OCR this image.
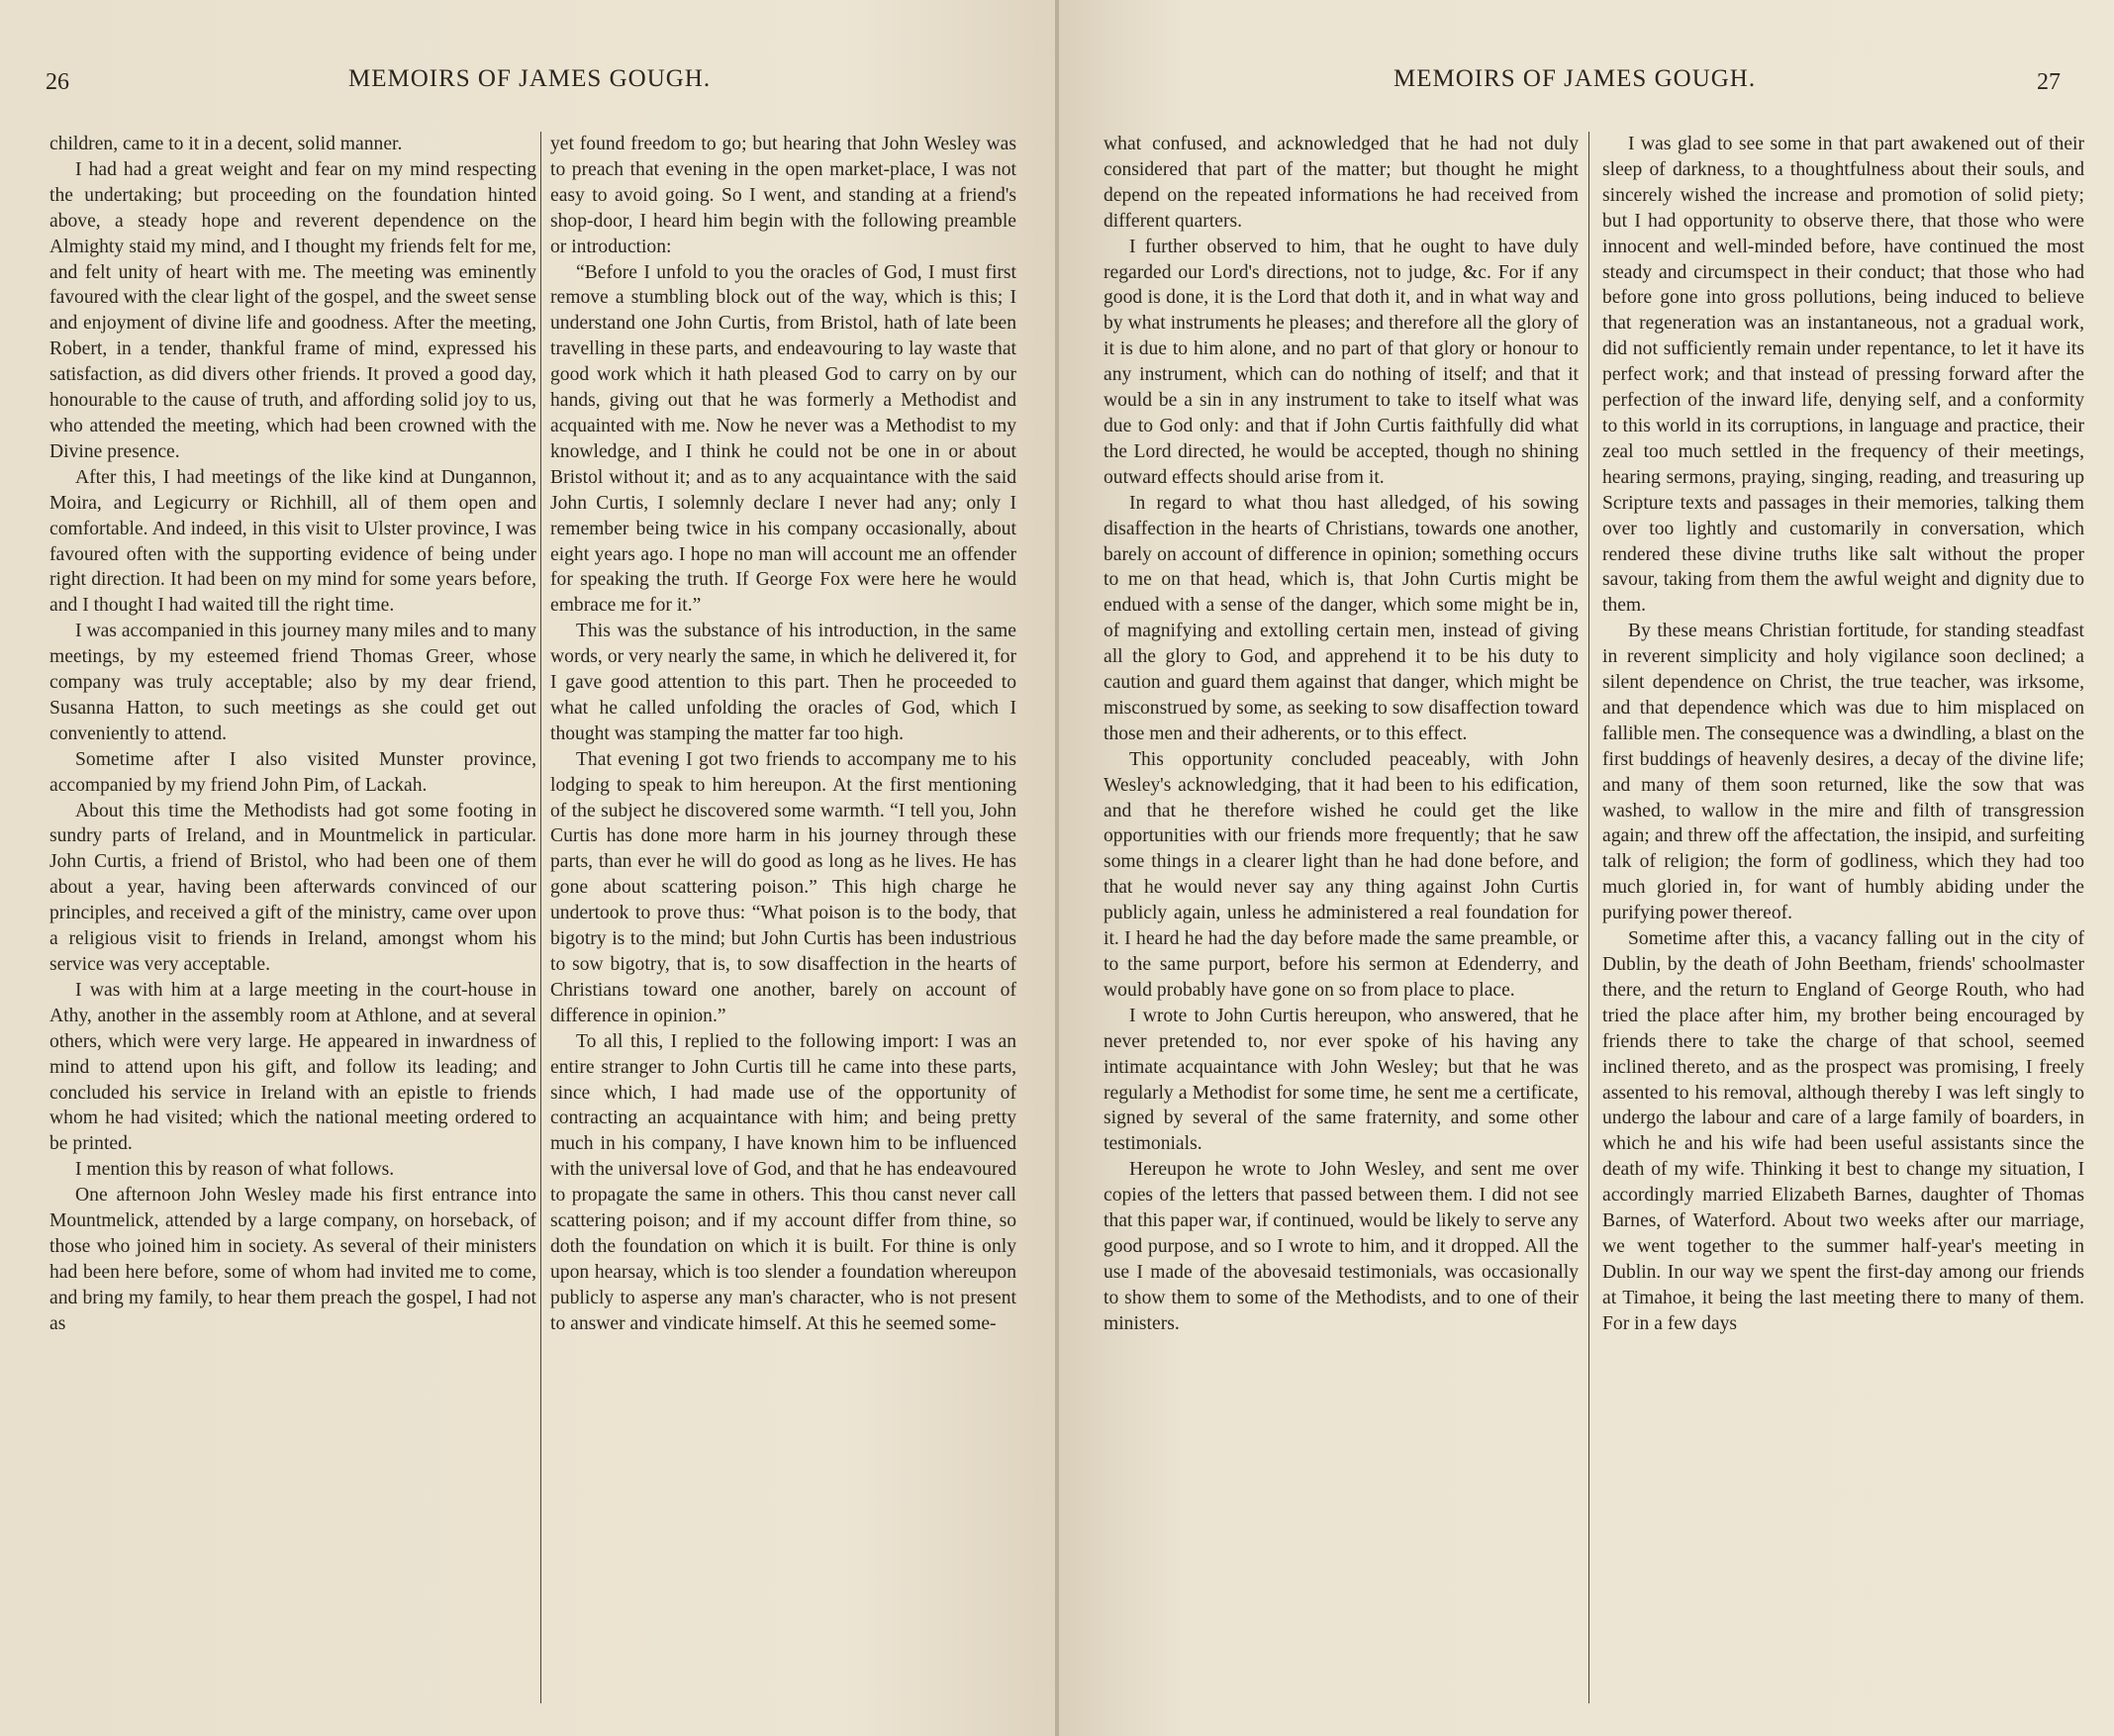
26	MEMOIRS OF JAMES GOUGH.

children, came to it in a decent, solid manner.

I had had a great weight and fear on my mind respecting the undertaking; but proceeding on the foundation hinted above, a steady hope and reverent dependence on the Almighty staid my mind, and I thought my friends felt for me, and felt unity of heart with me. The meeting was eminently favoured with the clear light of the gospel, and the sweet sense and enjoyment of divine life and goodness. After the meeting, Robert, in a tender, thankful frame of mind, expressed his satisfaction, as did divers other friends. It proved a good day, honourable to the cause of truth, and affording solid joy to us, who attended the meeting, which had been crowned with the Divine presence.

After this, I had meetings of the like kind at Dungannon, Moira, and Legicurry or Richhill, all of them open and comfortable. And indeed, in this visit to Ulster province, I was favoured often with the supporting evidence of being under right direction. It had been on my mind for some years before, and I thought I had waited till the right time.

I was accompanied in this journey many miles and to many meetings, by my esteemed friend Thomas Greer, whose company was truly acceptable; also by my dear friend, Susanna Hatton, to such meetings as she could get out conveniently to attend.

Sometime after I also visited Munster province, accompanied by my friend John Pim, of Lackah.

About this time the Methodists had got some footing in sundry parts of Ireland, and in Mountmelick in particular. John Curtis, a friend of Bristol, who had been one of them about a year, having been afterwards convinced of our principles, and received a gift of the ministry, came over upon a religious visit to friends in Ireland, amongst whom his service was very acceptable.

I was with him at a large meeting in the court-house in Athy, another in the assembly room at Athlone, and at several others, which were very large. He appeared in inwardness of mind to attend upon his gift, and follow its leading; and concluded his service in Ireland with an epistle to friends whom he had visited; which the national meeting ordered to be printed.

I mention this by reason of what follows.

One afternoon John Wesley made his first entrance into Mountmelick, attended by a large company, on horseback, of those who joined him in society. As several of their ministers had been here before, some of whom had invited me to come, and bring my family, to hear them preach the gospel, I had not as

yet found freedom to go; but hearing that John Wesley was to preach that evening in the open market-place, I was not easy to avoid going. So I went, and standing at a friend's shop-door, I heard him begin with the following preamble or introduction:

“Before I unfold to you the oracles of God, I must first remove a stumbling block out of the way, which is this; I understand one John Curtis, from Bristol, hath of late been travelling in these parts, and endeavouring to lay waste that good work which it hath pleased God to carry on by our hands, giving out that he was formerly a Methodist and acquainted with me. Now he never was a Methodist to my knowledge, and I think he could not be one in or about Bristol without it; and as to any acquaintance with the said John Curtis, I solemnly declare I never had any; only I remember being twice in his company occasionally, about eight years ago. I hope no man will account me an offender for speaking the truth. If George Fox were here he would embrace me for it.”

This was the substance of his introduction, in the same words, or very nearly the same, in which he delivered it, for I gave good attention to this part. Then he proceeded to what he called unfolding the oracles of God, which I thought was stamping the matter far too high.

That evening I got two friends to accompany me to his lodging to speak to him hereupon. At the first mentioning of the subject he discovered some warmth. “I tell you, John Curtis has done more harm in his journey through these parts, than ever he will do good as long as he lives. He has gone about scattering poison.” This high charge he undertook to prove thus: “What poison is to the body, that bigotry is to the mind; but John Curtis has been industrious to sow bigotry, that is, to sow disaffection in the hearts of Christians toward one another, barely on account of difference in opinion.”

To all this, I replied to the following import: I was an entire stranger to John Curtis till he came into these parts, since which, I had made use of the opportunity of contracting an acquaintance with him; and being pretty much in his company, I have known him to be influenced with the universal love of God, and that he has endeavoured to propagate the same in others. This thou canst never call scattering poison; and if my account differ from thine, so doth the foundation on which it is built. For thine is only upon hearsay, which is too slender a foundation whereupon publicly to asperse any man's character, who is not present to answer and vindicate himself. At this he seemed some-

MEMOIRS OF JAMES GOUGH.	27

what confused, and acknowledged that he had not duly considered that part of the matter; but thought he might depend on the repeated informations he had received from different quarters.

I further observed to him, that he ought to have duly regarded our Lord's directions, not to judge, &c. For if any good is done, it is the Lord that doth it, and in what way and by what instruments he pleases; and therefore all the glory of it is due to him alone, and no part of that glory or honour to any instrument, which can do nothing of itself; and that it would be a sin in any instrument to take to itself what was due to God only: and that if John Curtis faithfully did what the Lord directed, he would be accepted, though no shining outward effects should arise from it.

In regard to what thou hast alledged, of his sowing disaffection in the hearts of Christians, towards one another, barely on account of difference in opinion; something occurs to me on that head, which is, that John Curtis might be endued with a sense of the danger, which some might be in, of magnifying and extolling certain men, instead of giving all the glory to God, and apprehend it to be his duty to caution and guard them against that danger, which might be misconstrued by some, as seeking to sow disaffection toward those men and their adherents, or to this effect.

This opportunity concluded peaceably, with John Wesley's acknowledging, that it had been to his edification, and that he therefore wished he could get the like opportunities with our friends more frequently; that he saw some things in a clearer light than he had done before, and that he would never say any thing against John Curtis publicly again, unless he administered a real foundation for it. I heard he had the day before made the same preamble, or to the same purport, before his sermon at Edenderry, and would probably have gone on so from place to place.

I wrote to John Curtis hereupon, who answered, that he never pretended to, nor ever spoke of his having any intimate acquaintance with John Wesley; but that he was regularly a Methodist for some time, he sent me a certificate, signed by several of the same fraternity, and some other testimonials.

Hereupon he wrote to John Wesley, and sent me over copies of the letters that passed between them. I did not see that this paper war, if continued, would be likely to serve any good purpose, and so I wrote to him, and it dropped. All the use I made of the abovesaid testimonials, was occasionally to show them to some of the Methodists, and to one of their ministers.

I was glad to see some in that part awakened out of their sleep of darkness, to a thoughtfulness about their souls, and sincerely wished the increase and promotion of solid piety; but I had opportunity to observe there, that those who were innocent and well-minded before, have continued the most steady and circumspect in their conduct; that those who had before gone into gross pollutions, being induced to believe that regeneration was an instantaneous, not a gradual work, did not sufficiently remain under repentance, to let it have its perfect work; and that instead of pressing forward after the perfection of the inward life, denying self, and a conformity to this world in its corruptions, in language and practice, their zeal too much settled in the frequency of their meetings, hearing sermons, praying, singing, reading, and treasuring up Scripture texts and passages in their memories, talking them over too lightly and customarily in conversation, which rendered these divine truths like salt without the proper savour, taking from them the awful weight and dignity due to them.

By these means Christian fortitude, for standing steadfast in reverent simplicity and holy vigilance soon declined; a silent dependence on Christ, the true teacher, was irksome, and that dependence which was due to him misplaced on fallible men. The consequence was a dwindling, a blast on the first buddings of heavenly desires, a decay of the divine life; and many of them soon returned, like the sow that was washed, to wallow in the mire and filth of transgression again; and threw off the affectation, the insipid, and surfeiting talk of religion; the form of godliness, which they had too much gloried in, for want of humbly abiding under the purifying power thereof.

Sometime after this, a vacancy falling out in the city of Dublin, by the death of John Beetham, friends' schoolmaster there, and the return to England of George Routh, who had tried the place after him, my brother being encouraged by friends there to take the charge of that school, seemed inclined thereto, and as the prospect was promising, I freely assented to his removal, although thereby I was left singly to undergo the labour and care of a large family of boarders, in which he and his wife had been useful assistants since the death of my wife. Thinking it best to change my situation, I accordingly married Elizabeth Barnes, daughter of Thomas Barnes, of Waterford. About two weeks after our marriage, we went together to the summer half-year's meeting in Dublin. In our way we spent the first-day among our friends at Timahoe, it being the last meeting there to many of them. For in a few days
